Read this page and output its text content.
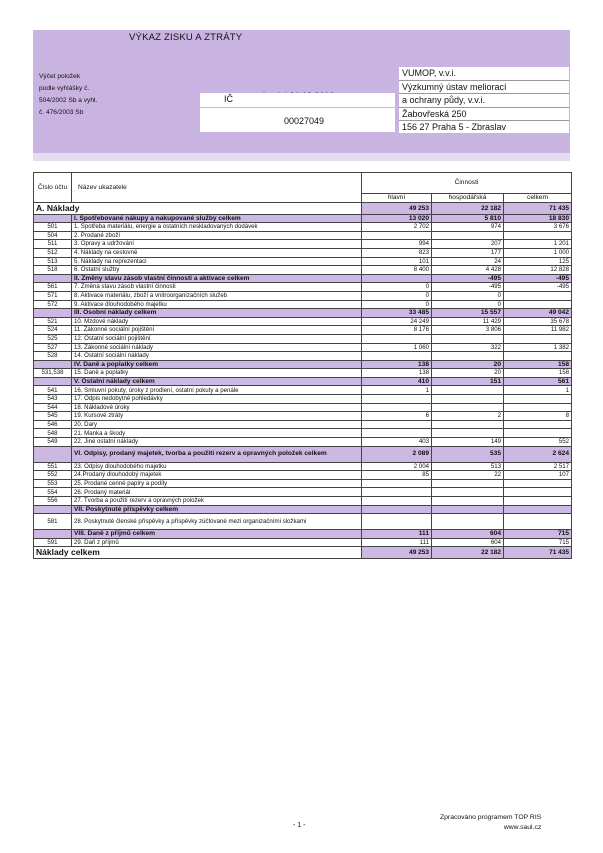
VÝKAZ ZISKU A ZTRÁTY
Výčet položek
podle vyhlášky č.
504/2002 Sb a vyhl.
č. 476/2003 Sb
IČ
00027049
VUMOP, v.v.i.
Výzkumný ústav meliorací
a ochrany půdy, v.v.i.
Žabovřeská 250
156 27 Praha 5 - Zbraslav
Číslo účtu	Název ukazatele	Činnosti		
		hlavní	hospodářská	celkem
A. Náklady		49 253	22 182	71 435
	I. Spotřebované nákupy a nakupované služby celkem	13 020	5 810	18 830
501	1. Spotřeba materiálu, energie a ostatních neskladovaných dodávek	2 702	974	3 676
504	2. Prodané zboží			
511	3. Opravy a udržování	994	207	1 201
512	4. Náklady na cestovné	823	177	1 000
513	5. Náklady na reprezentaci	101	24	125
518	6. Ostatní služby	8 400	4 428	12 828
	II. Změny stavu zásob vlastní činnosti a aktivace celkem		-495	-495
561	7. Změna stavu zásob vlastní činnosti	0	-495	-495
571	8. Aktivace materiálu, zboží a vnitroorganizačních služeb	0	0	
572	9. Aktivace dlouhodobého majetku	0	0	
	III. Osobní náklady celkem	33 485	15 557	49 042
521	10. Mzdové náklady	24 249	11 429	35 678
524	11. Zákonné sociální pojištění	8 176	3 806	11 982
525	12. Ostatní sociální pojištění			
527	13. Zákonné sociální náklady	1 060	322	1 382
528	14. Ostatní sociální náklady			
	IV. Daně a poplatky celkem	138	20	158
531,538	15. Daně a poplatky	138	20	158
	V. Ostatní náklady celkem	410	151	561
541	16. Smluvní pokuty, úroky z prodlení, ostatní pokuty a penále	1		1
543	17. Odpis nedobytné pohledávky			
544	18. Nákladové úroky			
545	19. Kursové ztráty	6	2	8
546	20. Dary			
548	21. Manka a škody			
549	22. Jiné ostatní náklady	403	149	552
	VI. Odpisy, prodaný majetek, tvorba a použití rezerv a opravných položek celkem	2 089	535	2 624
551	23. Odpisy dlouhodobého majetku	2 004	513	2 517
552	24.Prodaný dlouhodobý majetek	85	22	107
553	25. Prodané cenné papíry a podíly			
554	26. Prodaný materiál			
556	27. Tvorba a použití rezerv a opravných položek			
	VII. Poskytnuté příspěvky celkem			
581	28. Poskytnuté členské příspěvky a příspěvky zúčtované mezi organizačními složkami			
	VIII. Daně z příjmů celkem	111	604	715
591	29. Daň z příjmů	111	604	715
Náklady celkem		49 253	22 182	71 435
- 1 -
Zpracováno programem TOP RIS
www.saul.cz
